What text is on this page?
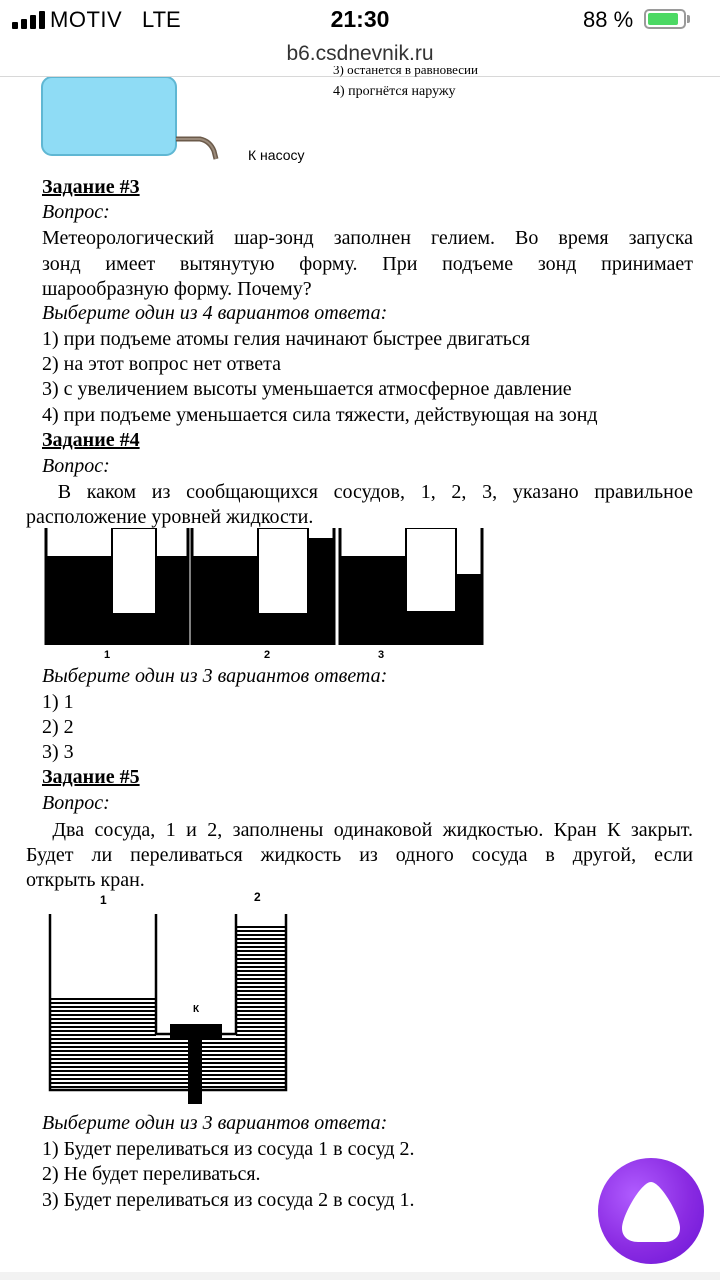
MOTIV LTE	21:30	88 %
b6.csdnevnik.ru
3) останется в равновесии
4) прогнётся наружу
К насосу
Задание #3
Вопрос:
Метеорологический шар-зонд заполнен гелием. Во время запуска
зонд имеет вытянутую форму. При подъеме зонд принимает
шарообразную форму. Почему?
Выберите один из 4 вариантов ответа:
1) при подъеме атомы гелия начинают быстрее двигаться
2) на этот вопрос нет ответа
3) с увеличением высоты уменьшается атмосферное давление
4) при подъеме уменьшается сила тяжести, действующая на зонд
Задание #4
Вопрос:
В каком из сообщающихся сосудов, 1, 2, 3, указано правильное
расположение уровней жидкости.
1	2	3
Выберите один из 3 вариантов ответа:
1) 1
2) 2
3) 3
Задание #5
Вопрос:
Два сосуда, 1 и 2, заполнены одинаковой жидкостью. Кран К закрыт.
Будет ли переливаться жидкость из одного сосуда в другой, если
открыть кран.
1	2
К
Выберите один из 3 вариантов ответа:
1) Будет переливаться из сосуда 1 в сосуд 2.
2) Не будет переливаться.
3) Будет переливаться из сосуда 2 в сосуд 1.
